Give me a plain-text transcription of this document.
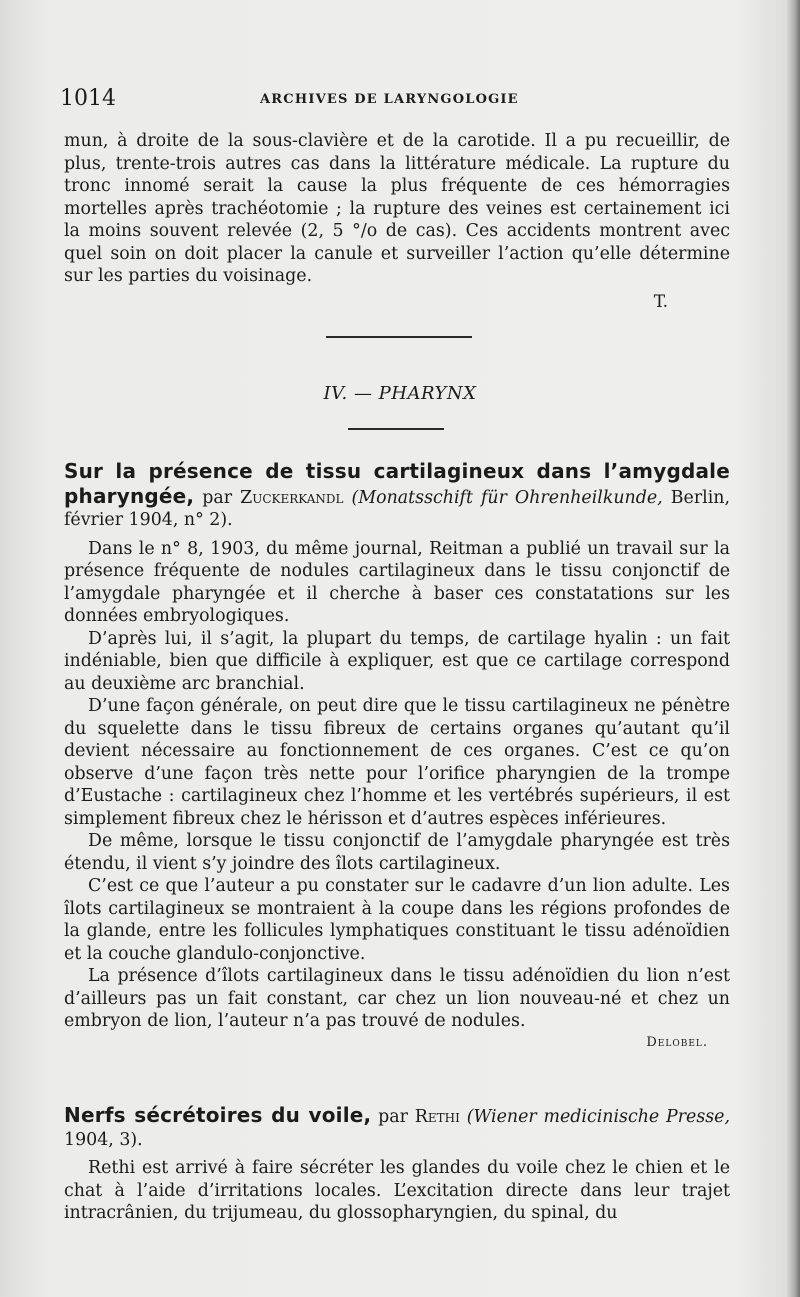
1014	ARCHIVES DE LARYNGOLOGIE

mun, à droite de la sous-clavière et de la carotide. Il a pu recueillir, de plus, trente-trois autres cas dans la littérature médicale. La rupture du tronc innomé serait la cause la plus fréquente de ces hémorragies mortelles après trachéotomie ; la rupture des veines est certainement ici la moins souvent relevée (2, 5 °/o de cas). Ces accidents montrent avec quel soin on doit placer la canule et surveiller l’action qu’elle détermine sur les parties du voisinage.

T.

IV. — PHARYNX

Sur la présence de tissu cartilagineux dans l’amygdale pharyngée, par Zuckerkandl (Monatsschift für Ohrenheilkunde, Berlin, février 1904, n° 2).

Dans le n° 8, 1903, du même journal, Reitman a publié un travail sur la présence fréquente de nodules cartilagineux dans le tissu conjonctif de l’amygdale pharyngée et il cherche à baser ces constatations sur les données embryologiques.

D’après lui, il s’agit, la plupart du temps, de cartilage hyalin : un fait indéniable, bien que difficile à expliquer, est que ce cartilage correspond au deuxième arc branchial.

D’une façon générale, on peut dire que le tissu cartilagineux ne pénètre du squelette dans le tissu fibreux de certains organes qu’autant qu’il devient nécessaire au fonctionnement de ces organes. C’est ce qu’on observe d’une façon très nette pour l’orifice pharyngien de la trompe d’Eustache : cartilagineux chez l’homme et les vertébrés supérieurs, il est simplement fibreux chez le hérisson et d’autres espèces inférieures.

De même, lorsque le tissu conjonctif de l’amygdale pharyngée est très étendu, il vient s’y joindre des îlots cartilagineux.

C’est ce que l’auteur a pu constater sur le cadavre d’un lion adulte. Les îlots cartilagineux se montraient à la coupe dans les régions profondes de la glande, entre les follicules lymphatiques constituant le tissu adénoïdien et la couche glandulo-conjonctive.

La présence d’îlots cartilagineux dans le tissu adénoïdien du lion n’est d’ailleurs pas un fait constant, car chez un lion nouveau-né et chez un embryon de lion, l’auteur n’a pas trouvé de nodules.

Delobel.

Nerfs sécrétoires du voile, par Rethi (Wiener medicinische Presse, 1904, 3).

Rethi est arrivé à faire sécréter les glandes du voile chez le chien et le chat à l’aide d’irritations locales. L’excitation directe dans leur trajet intracrânien, du trijumeau, du glossopharyngien, du spinal, du
